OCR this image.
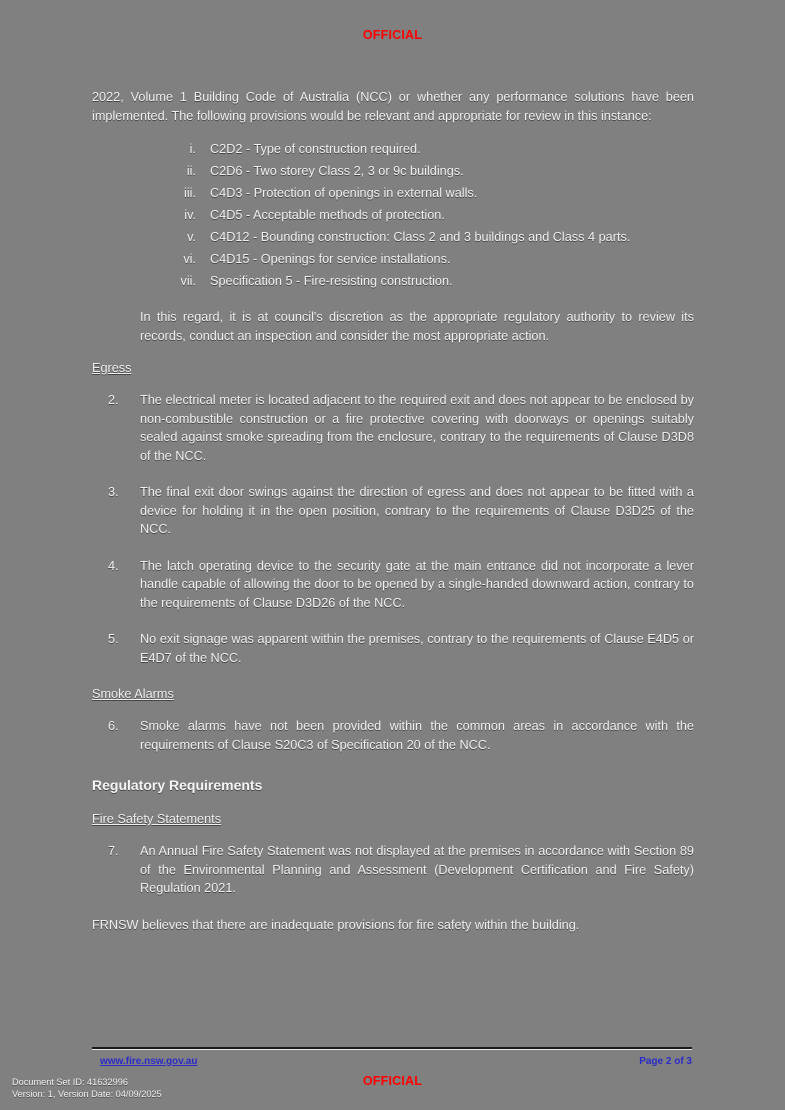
OFFICIAL

2022, Volume 1 Building Code of Australia (NCC) or whether any performance solutions have been implemented. The following provisions would be relevant and appropriate for review in this instance:

i. C2D2 - Type of construction required.
ii. C2D6 - Two storey Class 2, 3 or 9c buildings.
iii. C4D3 - Protection of openings in external walls.
iv. C4D5 - Acceptable methods of protection.
v. C4D12 - Bounding construction: Class 2 and 3 buildings and Class 4 parts.
vi. C4D15 - Openings for service installations.
vii. Specification 5 - Fire-resisting construction.

In this regard, it is at council's discretion as the appropriate regulatory authority to review its records, conduct an inspection and consider the most appropriate action.

Egress
2.	The electrical meter is located adjacent to the required exit and does not appear to be enclosed by non-combustible construction or a fire protective covering with doorways or openings suitably sealed against smoke spreading from the enclosure, contrary to the requirements of Clause D3D8 of the NCC.
3.	The final exit door swings against the direction of egress and does not appear to be fitted with a device for holding it in the open position, contrary to the requirements of Clause D3D25 of the NCC.
4.	The latch operating device to the security gate at the main entrance did not incorporate a lever handle capable of allowing the door to be opened by a single-handed downward action, contrary to the requirements of Clause D3D26 of the NCC.
5.	No exit signage was apparent within the premises, contrary to the requirements of Clause E4D5 or E4D7 of the NCC.
Smoke Alarms
6.	Smoke alarms have not been provided within the common areas in accordance with the requirements of Clause S20C3 of Specification 20 of the NCC.
Regulatory Requirements
Fire Safety Statements
7.	An Annual Fire Safety Statement was not displayed at the premises in accordance with Section 89 of the Environmental Planning and Assessment (Development Certification and Fire Safety) Regulation 2021.

FRNSW believes that there are inadequate provisions for fire safety within the building.

www.fire.nsw.gov.au	Page 2 of 3
Document Set ID: 41632996
Version: 1, Version Date: 04/09/2025
OFFICIAL
